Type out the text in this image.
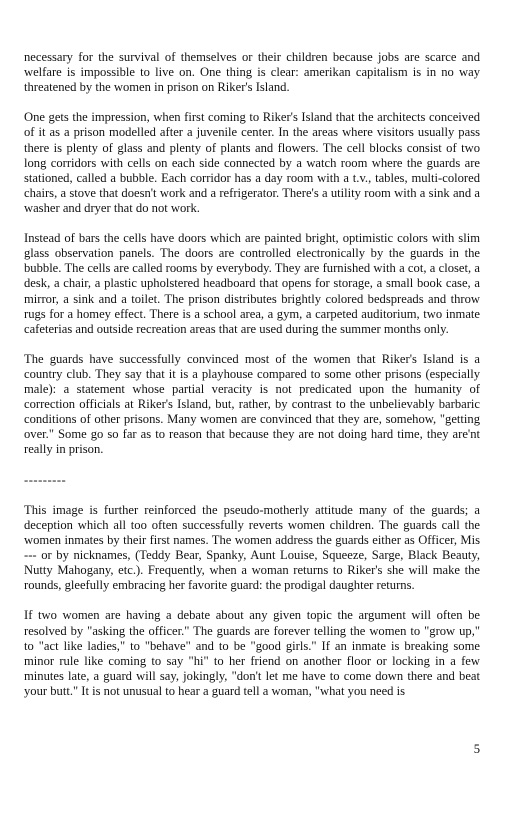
necessary for the survival of themselves or their children because jobs are scarce and welfare is impossible to live on. One thing is clear: amerikan capitalism is in no way threatened by the women in prison on Riker's Island.

One gets the impression, when first coming to Riker's Island that the architects conceived of it as a prison modelled after a juvenile center. In the areas where visitors usually pass there is plenty of glass and plenty of plants and flowers. The cell blocks consist of two long corridors with cells on each side connected by a watch room where the guards are stationed, called a bubble. Each corridor has a day room with a t.v., tables, multi-colored chairs, a stove that doesn't work and a refrigerator. There's a utility room with a sink and a washer and dryer that do not work.

Instead of bars the cells have doors which are painted bright, optimistic colors with slim glass observation panels. The doors are controlled electronically by the guards in the bubble. The cells are called rooms by everybody. They are furnished with a cot, a closet, a desk, a chair, a plastic upholstered headboard that opens for storage, a small book case, a mirror, a sink and a toilet. The prison distributes brightly colored bedspreads and throw rugs for a homey effect. There is a school area, a gym, a carpeted auditorium, two inmate cafeterias and outside recreation areas that are used during the summer months only.

The guards have successfully convinced most of the women that Riker's Island is a country club. They say that it is a playhouse compared to some other prisons (especially male): a statement whose partial veracity is not predicated upon the humanity of correction officials at Riker's Island, but, rather, by contrast to the unbelievably barbaric conditions of other prisons. Many women are convinced that they are, somehow, "getting over." Some go so far as to reason that because they are not doing hard time, they are'nt really in prison.

---------

This image is further reinforced the pseudo-motherly attitude many of the guards; a deception which all too often successfully reverts women children. The guards call the women inmates by their first names. The women address the guards either as Officer, Mis --- or by nicknames, (Teddy Bear, Spanky, Aunt Louise, Squeeze, Sarge, Black Beauty, Nutty Mahogany, etc.). Frequently, when a woman returns to Riker's she will make the rounds, gleefully embracing her favorite guard: the prodigal daughter returns.

If two women are having a debate about any given topic the argument will often be resolved by "asking the officer." The guards are forever telling the women to "grow up," to "act like ladies," to "behave" and to be "good girls." If an inmate is breaking some minor rule like coming to say "hi" to her friend on another floor or locking in a few minutes late, a guard will say, jokingly, "don't let me have to come down there and beat your butt." It is not unusual to hear a guard tell a woman, "what you need is

5
